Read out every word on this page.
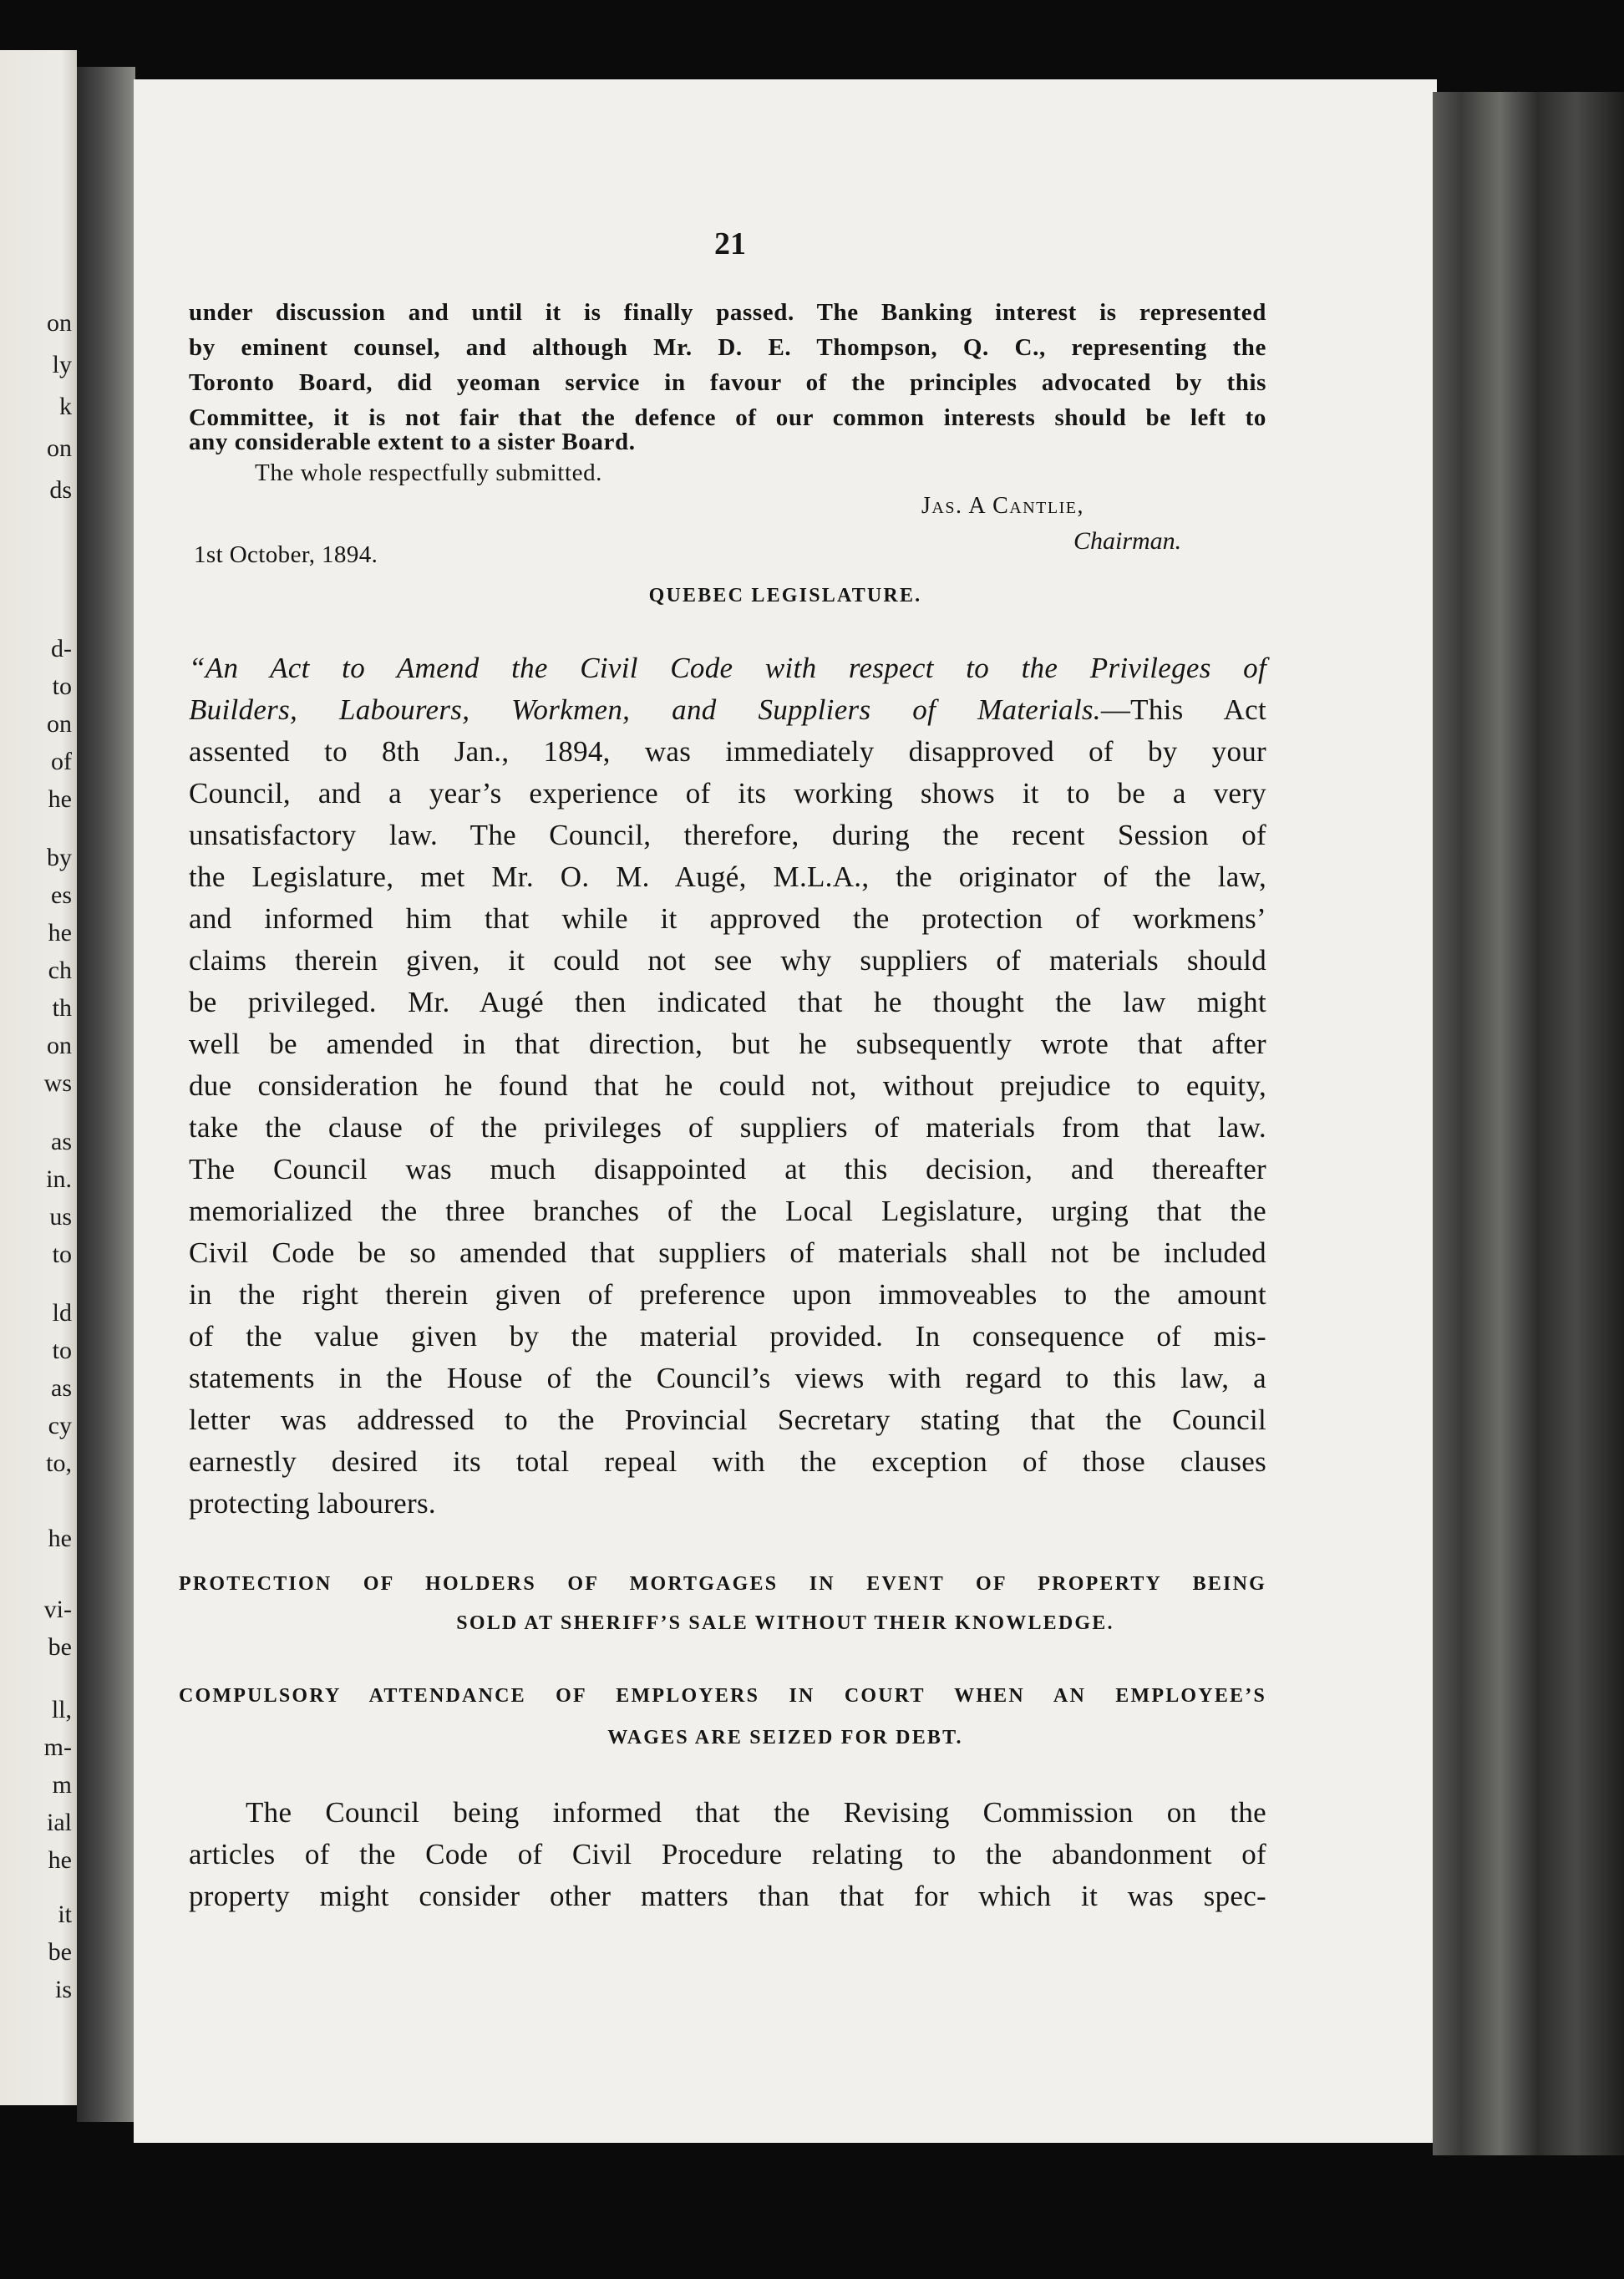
on
ly
k
on
ds
d-
to
on
of
he
by
es
he
ch
th
on
ws
as
in.
us
to
ld
to
as
cy
to,
he
vi-
be
ll,
m-
m
ial
he
it
be
is
21
under discussion and until it is finally passed. The Banking interest is represented
by eminent counsel, and although Mr. D. E. Thompson, Q. C., representing the
Toronto Board, did yeoman service in favour of the principles advocated by this
Committee, it is not fair that the defence of our common interests should be left to
any considerable extent to a sister Board.
The whole respectfully submitted.
Jas. A Cantlie,
Chairman.
1st October, 1894.
QUEBEC LEGISLATURE.
“An Act to Amend the Civil Code with respect to the Privileges of
Builders, Labourers, Workmen, and Suppliers of Materials.—This Act
assented to 8th Jan., 1894, was immediately disapproved of by your
Council, and a year’s experience of its working shows it to be a very
unsatisfactory law. The Council, therefore, during the recent Session of
the Legislature, met Mr. O. M. Augé, M.L.A., the originator of the law,
and informed him that while it approved the protection of workmens’
claims therein given, it could not see why suppliers of materials should
be privileged. Mr. Augé then indicated that he thought the law might
well be amended in that direction, but he subsequently wrote that after
due consideration he found that he could not, without prejudice to equity,
take the clause of the privileges of suppliers of materials from that law.
The Council was much disappointed at this decision, and thereafter
memorialized the three branches of the Local Legislature, urging that the
Civil Code be so amended that suppliers of materials shall not be included
in the right therein given of preference upon immoveables to the amount
of the value given by the material provided. In consequence of mis-
statements in the House of the Council’s views with regard to this law, a
letter was addressed to the Provincial Secretary stating that the Council
earnestly desired its total repeal with the exception of those clauses
protecting labourers.
PROTECTION OF HOLDERS OF MORTGAGES IN EVENT OF PROPERTY BEING
SOLD AT SHERIFF’S SALE WITHOUT THEIR KNOWLEDGE.
COMPULSORY ATTENDANCE OF EMPLOYERS IN COURT WHEN AN EMPLOYEE’S
WAGES ARE SEIZED FOR DEBT.
The Council being informed that the Revising Commission on the
articles of the Code of Civil Procedure relating to the abandonment of
property might consider other matters than that for which it was spec-
